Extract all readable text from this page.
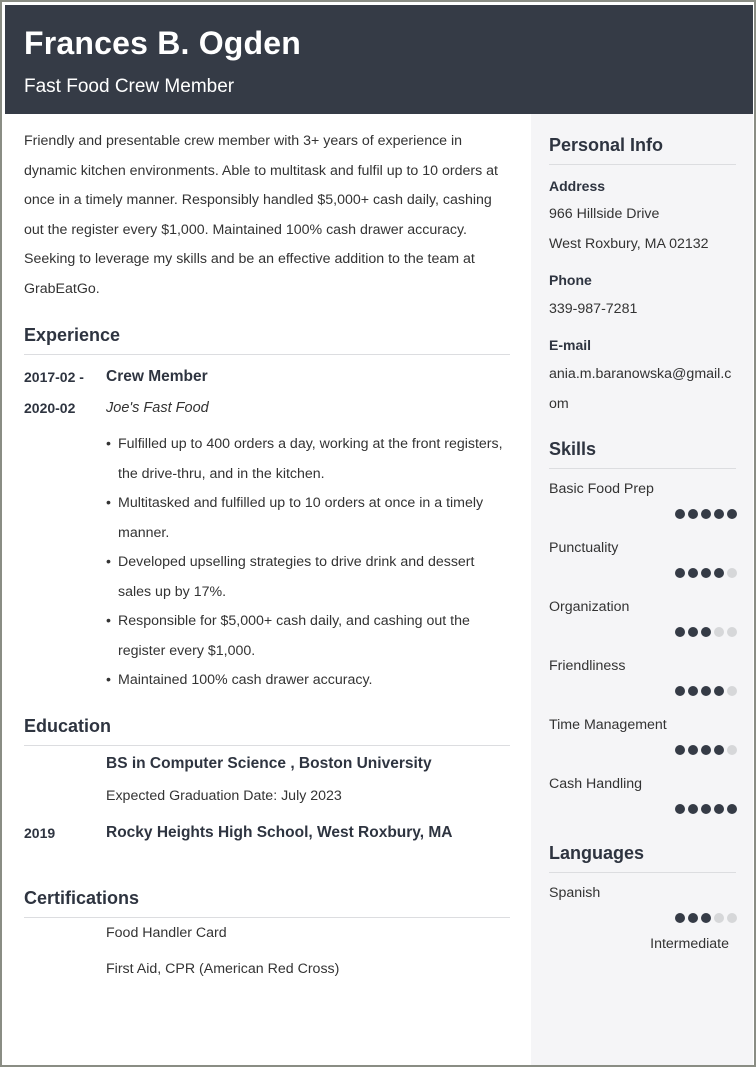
Frances B. Ogden
Fast Food Crew Member

Friendly and presentable crew member with 3+ years of experience in dynamic kitchen environments. Able to multitask and fulfil up to 10 orders at once in a timely manner. Responsibly handled $5,000+ cash daily, cashing out the register every $1,000. Maintained 100% cash drawer accuracy. Seeking to leverage my skills and be an effective addition to the team at GrabEatGo.

Experience
2017-02 -
2020-02
Crew Member
Joe's Fast Food
• Fulfilled up to 400 orders a day, working at the front registers, the drive-thru, and in the kitchen.
• Multitasked and fulfilled up to 10 orders at once in a timely manner.
• Developed upselling strategies to drive drink and dessert sales up by 17%.
• Responsible for $5,000+ cash daily, and cashing out the register every $1,000.
• Maintained 100% cash drawer accuracy.
Education
BS in Computer Science , Boston University
Expected Graduation Date: July 2023
2019	Rocky Heights High School, West Roxbury, MA
Certifications
Food Handler Card
First Aid, CPR (American Red Cross)
Personal Info
Address
966 Hillside Drive
West Roxbury, MA 02132
Phone
339-987-7281
E-mail
ania.m.baranowska@gmail.com
Skills
Basic Food Prep
Punctuality
Organization
Friendliness
Time Management
Cash Handling
Languages
Spanish
Intermediate
